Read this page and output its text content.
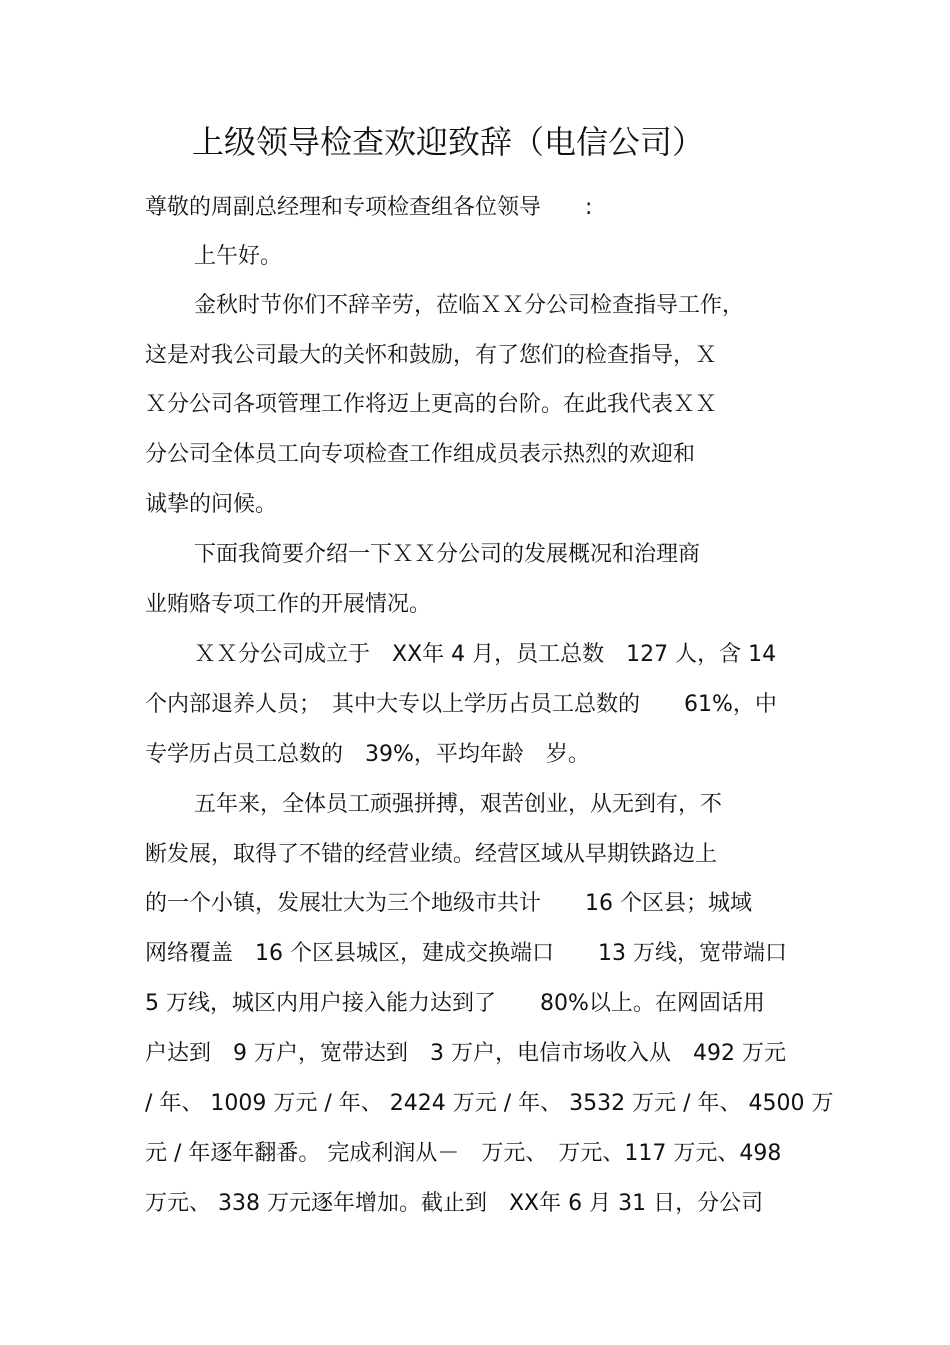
上级领导检查欢迎致辞（电信公司）
尊敬的周副总经理和专项检查组各位领导　　:
上午好。
金秋时节你们不辞辛劳，莅临ＸＸ分公司检查指导工作，
这是对我公司最大的关怀和鼓励，有了您们的检查指导，Ｘ
Ｘ分公司各项管理工作将迈上更高的台阶。在此我代表ＸＸ
分公司全体员工向专项检查工作组成员表示热烈的欢迎和
诚挚的问候。
下面我简要介绍一下ＸＸ分公司的发展概况和治理商
业贿赂专项工作的开展情况。
ＸＸ分公司成立于　XX年 4 月，员工总数　127 人，含 14
个内部退养人员；　其中大专以上学历占员工总数的　　61%，中
专学历占员工总数的　39%，平均年龄　岁。
五年来，全体员工顽强拼搏，艰苦创业，从无到有，不
断发展，取得了不错的经营业绩。经营区域从早期铁路边上
的一个小镇，发展壮大为三个地级市共计　　16 个区县；城域
网络覆盖　16 个区县城区，建成交换端口　　13 万线，宽带端口
5 万线，城区内用户接入能力达到了　　80%以上。在网固话用
户达到　9 万户，宽带达到　3 万户，电信市场收入从　492 万元
/ 年、 1009 万元 / 年、 2424 万元 / 年、 3532 万元 / 年、 4500 万
元 / 年逐年翻番。 完成利润从－　万元、　万元、117 万元、498
万元、 338 万元逐年增加。截止到　XX年 6 月 31 日，分公司
